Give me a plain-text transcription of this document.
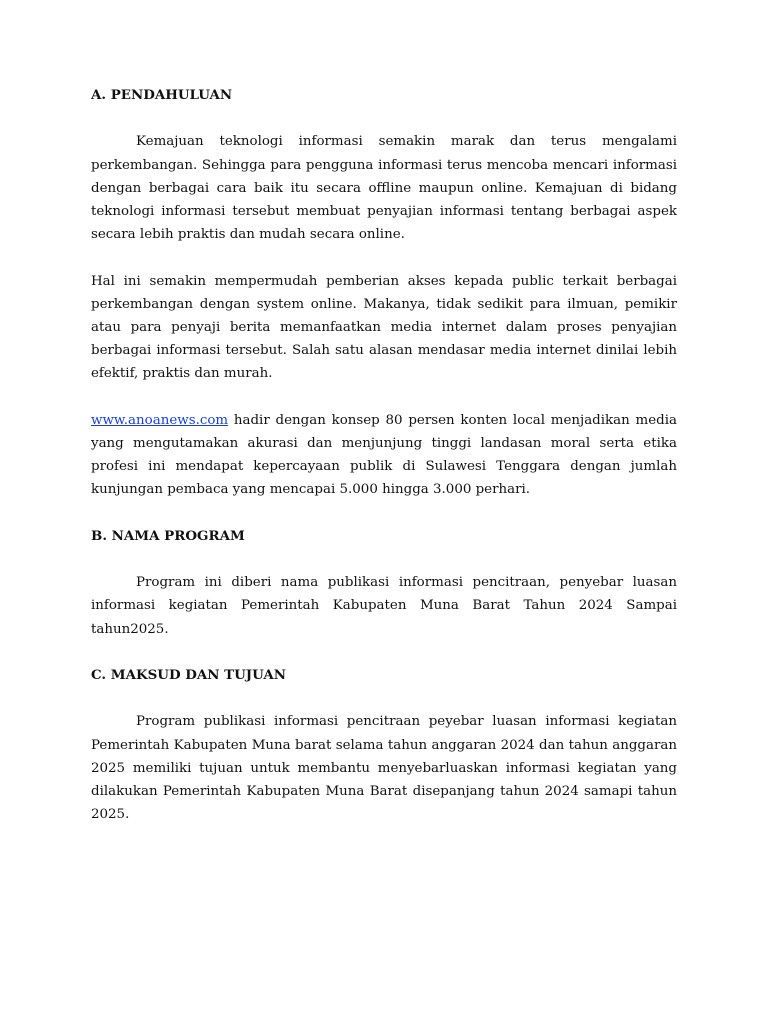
A. PENDAHULUAN

Kemajuan teknologi informasi semakin marak dan terus mengalami perkembangan. Sehingga para pengguna informasi terus mencoba mencari informasi dengan berbagai cara baik itu secara offline maupun online. Kemajuan di bidang teknologi informasi tersebut membuat penyajian informasi tentang berbagai aspek secara lebih praktis dan mudah secara online.

Hal ini semakin mempermudah pemberian akses kepada public terkait berbagai perkembangan dengan system online. Makanya, tidak sedikit para ilmuan, pemikir atau para penyaji berita memanfaatkan media internet dalam proses penyajian berbagai informasi tersebut. Salah satu alasan mendasar media internet dinilai lebih efektif, praktis dan murah.

www.anoanews.com hadir dengan konsep 80 persen konten local menjadikan media yang mengutamakan akurasi dan menjunjung tinggi landasan moral serta etika profesi ini mendapat kepercayaan publik di Sulawesi Tenggara dengan jumlah kunjungan pembaca yang mencapai 5.000 hingga 3.000 perhari.

B. NAMA PROGRAM

Program ini diberi nama publikasi informasi pencitraan, penyebar luasan informasi kegiatan Pemerintah Kabupaten Muna Barat Tahun 2024 Sampai tahun2025.

C. MAKSUD DAN TUJUAN

Program publikasi informasi pencitraan peyebar luasan informasi kegiatan Pemerintah Kabupaten Muna barat selama tahun anggaran 2024 dan tahun anggaran 2025 memiliki tujuan untuk membantu menyebarluaskan informasi kegiatan yang dilakukan Pemerintah Kabupaten Muna Barat disepanjang tahun 2024 samapi tahun 2025.
